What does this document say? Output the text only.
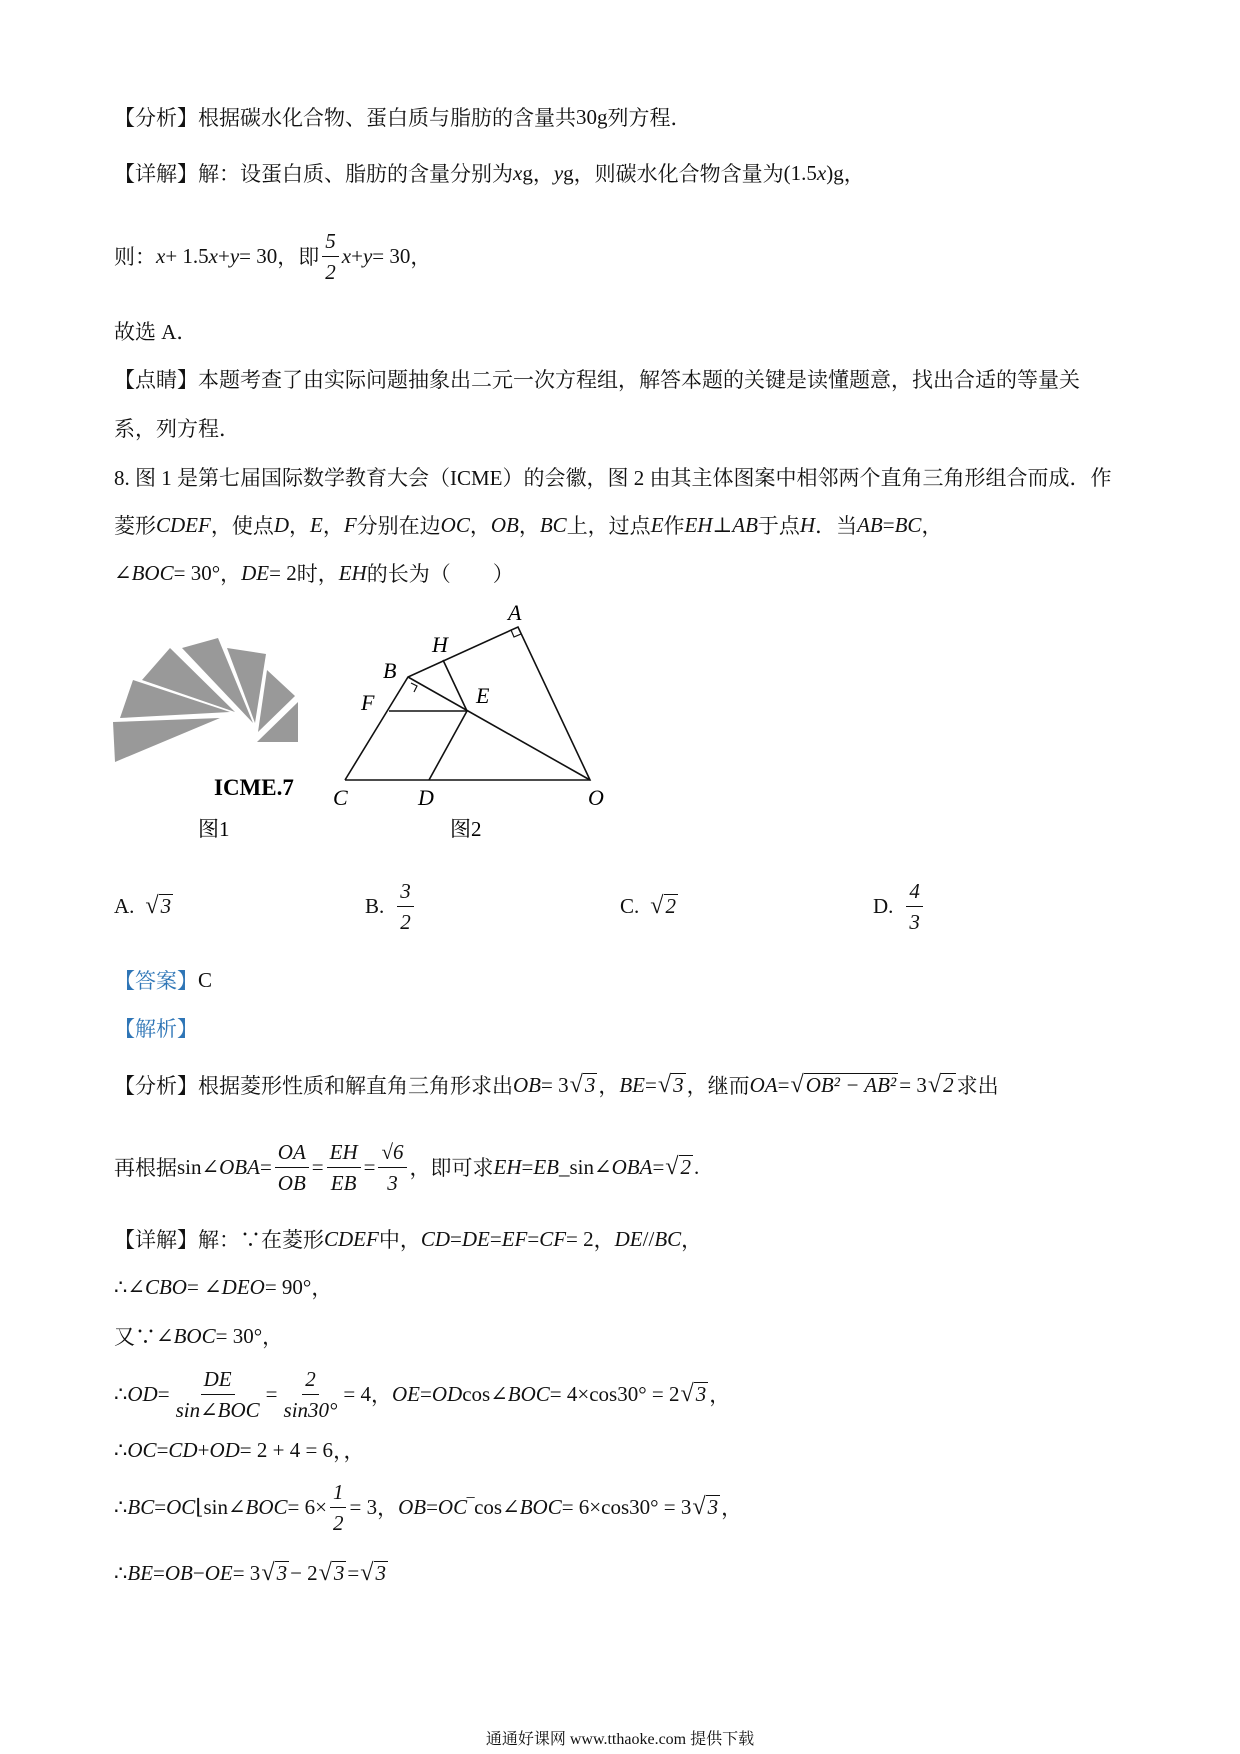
【分析】根据碳水化合物、蛋白质与脂肪的含量共 30g 列方程．
【详解】解：设蛋白质、脂肪的含量分别为 x g ， y g ，则碳水化合物含量为 (1.5 x )g ，
则： x + 1.5 x + y = 30 ，即 $\frac{5}{2}$ x + y = 30 ，
故选 A．
【点睛】本题考查了由实际问题抽象出二元一次方程组，解答本题的关键是读懂题意，找出合适的等量关
系，列方程．
8. 图 1 是第七届国际数学教育大会（ICME）的会徽，图 2 由其主体图案中相邻两个直角三角形组合而成．作
菱形 CDEF ，使点 D ， E ， F 分别在边 OC ， OB ， BC 上，过点 E 作 EH ⊥ AB 于点 H ．当 AB = BC ，
∠ BOC = 30° ， DE = 2 时， EH 的长为（　　）
【答案】 C
【解析】
【分析】根据菱形性质和解直角三角形求出 OB = 3 √ 3 ， BE = √ 3 ，继而 OA = √ OB² − AB² = 3 √ 2 求出
再根据 sin∠ OBA = $\frac{OA}{OB} = \frac{EH}{EB} = \frac{√6}{3}$ ，即可求 EH = EB _sin∠ OBA = √ 2 .
【详解】解：∵在菱形 CDEF 中， CD = DE = EF = CF = 2 ， DE // BC ，
∴∠ CBO = ∠ DEO = 90° ，
又∵ ∠ BOC = 30° ，
∴ OD = $\frac{DE}{\text{sin∠BOC}} = \frac{2}{\sin 30^\circ} = 4$ ， OE = OD cos∠ BOC = 4×cos30° = 2 √ 3 ，
∴ OC = CD + OD = 2 + 4 = 6 ，，
∴ BC = OC ⌊sin∠ BOC = $6\times \frac{1}{2} = 3$ ， OB = OC ‾cos∠ BOC = 6×cos30° = 3 √ 3 ，
∴ BE = OB − OE = 3 √ 3 − 2 √ 3 = √ 3
A. √ 3	B. $\frac{3}{2}$	C. √ 2	D. $\frac{4}{3}$
ICME.7
图1
A
H
B
F	E
C	D	O
图2
通通好课网 www.tthaoke.com 提供下载
